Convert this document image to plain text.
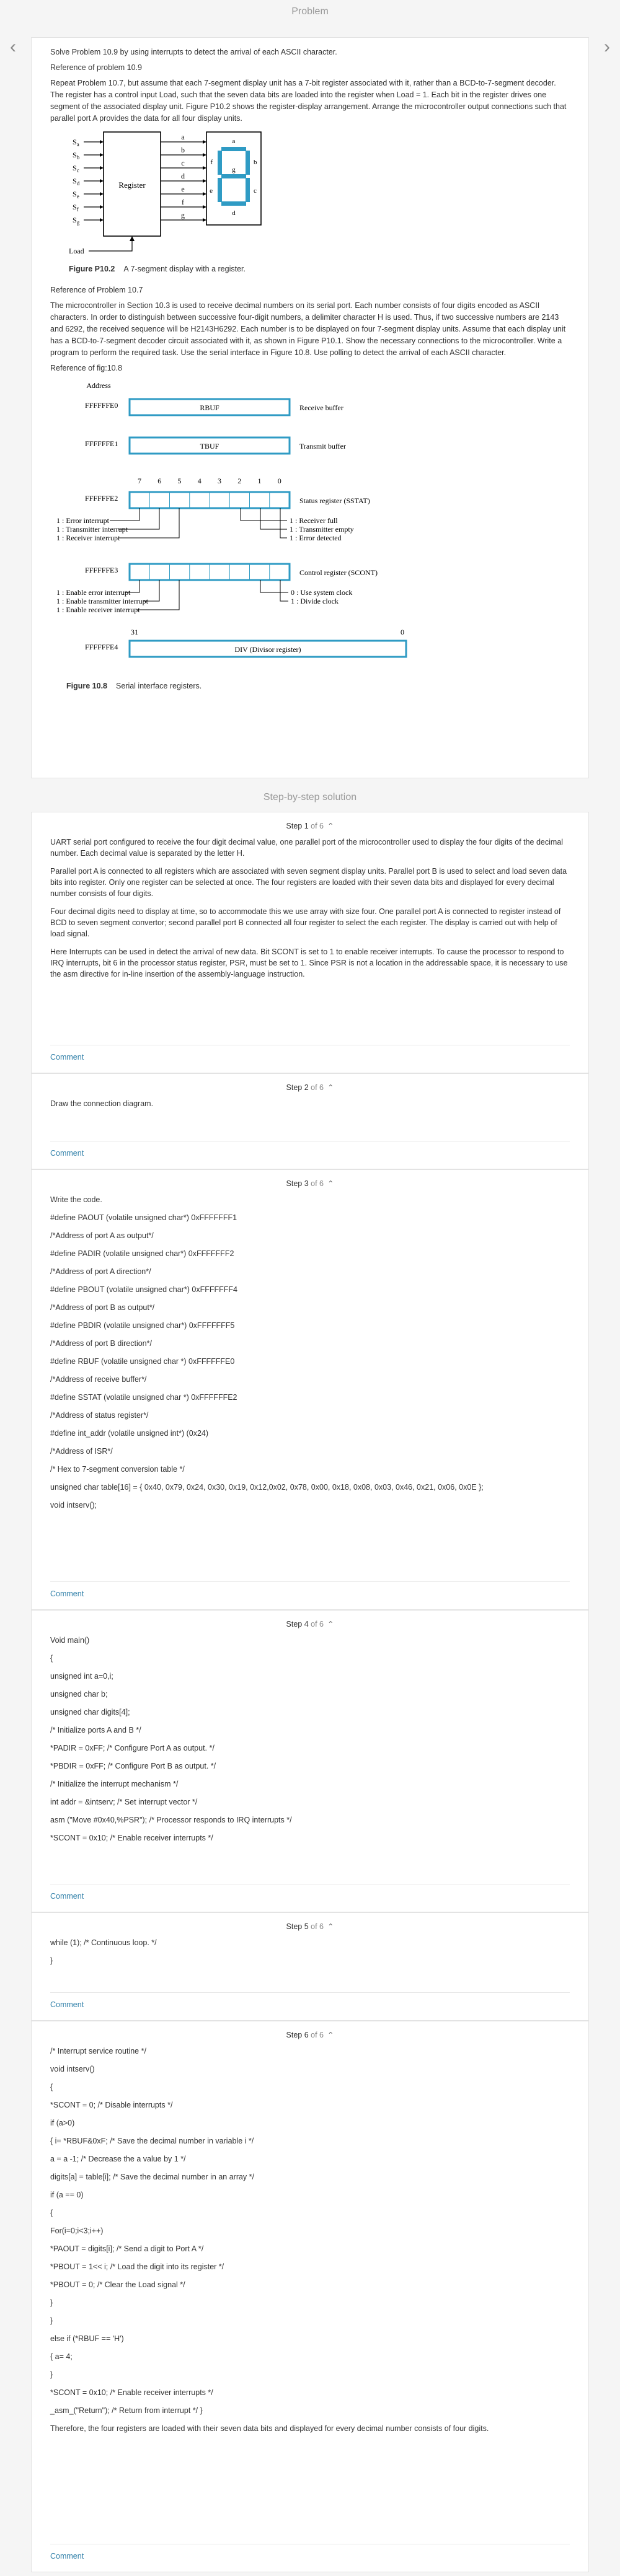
Problem
‹	›

Solve Problem 10.9 by using interrupts to detect the arrival of each ASCII character.

Reference of problem 10.9

Repeat Problem 10.7, but assume that each 7-segment display unit has a 7-bit register associated with it, rather than a BCD-to-7-segment decoder. The register has a control input Load, such that the seven data bits are loaded into the register when Load = 1. Each bit in the register drives one segment of the associated display unit. Figure P10.2 shows the register-display arrangement. Arrange the microcontroller output connections such that parallel port A provides the data for all four display units.

$S_a$
$S_b$
$S_c$
$S_d$
$S_e$
$S_f$
$S_g$
Register
a
b
c
d
e
f
g
a
b
c
d
e
f
g
Load
Figure P10.2 A 7-segment display with a register.

Reference of Problem 10.7

The microcontroller in Section 10.3 is used to receive decimal numbers on its serial port. Each number consists of four digits encoded as ASCII characters. In order to distinguish between successive four-digit numbers, a delimiter character H is used. Thus, if two successive numbers are 2143 and 6292, the received sequence will be H2143H6292. Each number is to be displayed on four 7-segment display units. Assume that each display unit has a BCD-to-7-segment decoder circuit associated with it, as shown in Figure P10.1. Show the necessary connections to the microcontroller. Write a program to perform the required task. Use the serial interface in Figure 10.8. Use polling to detect the arrival of each ASCII character.

Reference of fig:10.8

Address
FFFFFFE0	RBUF	Receive buffer
FFFFFFE1	TBUF	Transmit buffer
7 6 5 4 3 2 1 0
FFFFFFE2	Status register (SSTAT)
1 : Error interrupt
1 : Transmitter interrupt
1 : Receiver interrupt
1 : Receiver full
1 : Transmitter empty
1 : Error detected
FFFFFFE3	Control register (SCONT)
1 : Enable error interrupt
1 : Enable transmitter interrupt
1 : Enable receiver interrupt
0 : Use system clock
1 : Divide clock
31	0
FFFFFFE4	DIV (Divisor register)
Figure 10.8 Serial interface registers.
Step-by-step solution
Step 1 of 6 ⌃

UART serial port configured to receive the four digit decimal value, one parallel port of the microcontroller used to display the four digits of the decimal number. Each decimal value is separated by the letter H.

Parallel port A is connected to all registers which are associated with seven segment display units. Parallel port B is used to select and load seven data bits into register. Only one register can be selected at once. The four registers are loaded with their seven data bits and displayed for every decimal number consists of four digits.

Four decimal digits need to display at time, so to accommodate this we use array with size four. One parallel port A is connected to register instead of BCD to seven segment convertor; second parallel port B connected all four register to select the each register. The display is carried out with help of load signal.

Here Interrupts can be used in detect the arrival of new data. Bit SCONT is set to 1 to enable receiver interrupts. To cause the processor to respond to IRQ interrupts, bit 6 in the processor status register, PSR, must be set to 1. Since PSR is not a location in the addressable space, it is necessary to use the asm directive for in-line insertion of the assembly-language instruction.

Comment
Step 2 of 6 ⌃

Draw the connection diagram.

Comment
Step 3 of 6 ⌃

Write the code.

#define PAOUT (volatile unsigned char*) 0xFFFFFFF1

/*Address of port A as output*/

#define PADIR (volatile unsigned char*) 0xFFFFFFF2

/*Address of port A direction*/

#define PBOUT (volatile unsigned char*) 0xFFFFFFF4

/*Address of port B as output*/

#define PBDIR (volatile unsigned char*) 0xFFFFFFF5

/*Address of port B direction*/

#define RBUF (volatile unsigned char *) 0xFFFFFFE0

/*Address of receive buffer*/

#define SSTAT (volatile unsigned char *) 0xFFFFFFE2

/*Address of status register*/

#define int_addr (volatile unsigned int*) (0x24)

/*Address of ISR*/

/* Hex to 7-segment conversion table */

unsigned char table[16] = { 0x40, 0x79, 0x24, 0x30, 0x19, 0x12,0x02, 0x78, 0x00, 0x18, 0x08, 0x03, 0x46, 0x21, 0x06, 0x0E };

void intserv();

Comment
Step 4 of 6 ⌃

Void main()

{

unsigned int a=0,i;

unsigned char b;

unsigned char digits[4];

/* Initialize ports A and B */

*PADIR = 0xFF; /* Configure Port A as output. */

*PBDIR = 0xFF; /* Configure Port B as output. */

/* Initialize the interrupt mechanism */

int addr = &intserv; /* Set interrupt vector */

asm ("Move #0x40,%PSR"); /* Processor responds to IRQ interrupts */

*SCONT = 0x10; /* Enable receiver interrupts */

Comment
Step 5 of 6 ⌃

while (1); /* Continuous loop. */

}

Comment
Step 6 of 6 ⌃

/* Interrupt service routine */

void intserv()

{

*SCONT = 0; /* Disable interrupts */

if (a>0)

{ i= *RBUF&0xF; /* Save the decimal number in variable i */

a = a -1; /* Decrease the a value by 1 */

digits[a] = table[i]; /* Save the decimal number in an array */

if (a == 0)

{

For(i=0;i<3;i++)

*PAOUT = digits[i]; /* Send a digit to Port A */

*PBOUT = 1<< i; /* Load the digit into its register */

*PBOUT = 0; /* Clear the Load signal */

}

}

else if (*RBUF == 'H')

{ a= 4;

}

*SCONT = 0x10; /* Enable receiver interrupts */

_asm_("Return"); /* Return from interrupt */ }

Therefore, the four registers are loaded with their seven data bits and displayed for every decimal number consists of four digits.

Comment
